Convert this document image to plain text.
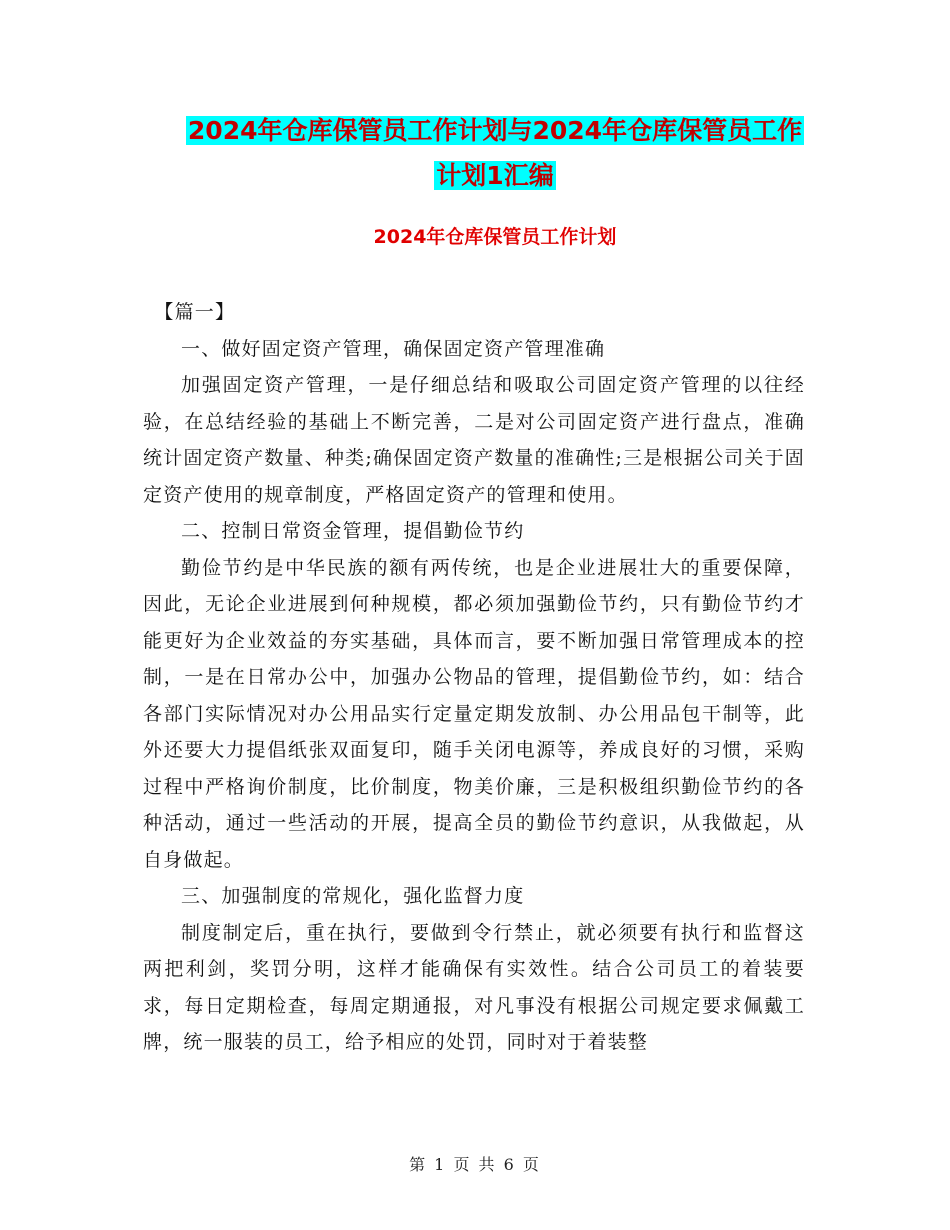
2024年仓库保管员工作计划与2024年仓库保管员工作
计划1汇编
2024年仓库保管员工作计划

【篇一】

一、做好固定资产管理，确保固定资产管理准确

加强固定资产管理，一是仔细总结和吸取公司固定资产管理的以往经验，在总结经验的基础上不断完善，二是对公司固定资产进行盘点，准确统计固定资产数量、种类;确保固定资产数量的准确性;三是根据公司关于固定资产使用的规章制度，严格固定资产的管理和使用。

二、控制日常资金管理，提倡勤俭节约

勤俭节约是中华民族的额有两传统，也是企业进展壮大的重要保障，因此，无论企业进展到何种规模，都必须加强勤俭节约，只有勤俭节约才能更好为企业效益的夯实基础，具体而言，要不断加强日常管理成本的控制，一是在日常办公中，加强办公物品的管理，提倡勤俭节约，如：结合各部门实际情况对办公用品实行定量定期发放制、办公用品包干制等，此外还要大力提倡纸张双面复印，随手关闭电源等，养成良好的习惯，采购过程中严格询价制度，比价制度，物美价廉，三是积极组织勤俭节约的各种活动，通过一些活动的开展，提高全员的勤俭节约意识，从我做起，从自身做起。

三、加强制度的常规化，强化监督力度

制度制定后，重在执行，要做到令行禁止，就必须要有执行和监督这两把利剑，奖罚分明，这样才能确保有实效性。结合公司员工的着装要求，每日定期检查，每周定期通报，对凡事没有根据公司规定要求佩戴工牌，统一服装的员工，给予相应的处罚，同时对于着装整

第 1 页 共 6 页
